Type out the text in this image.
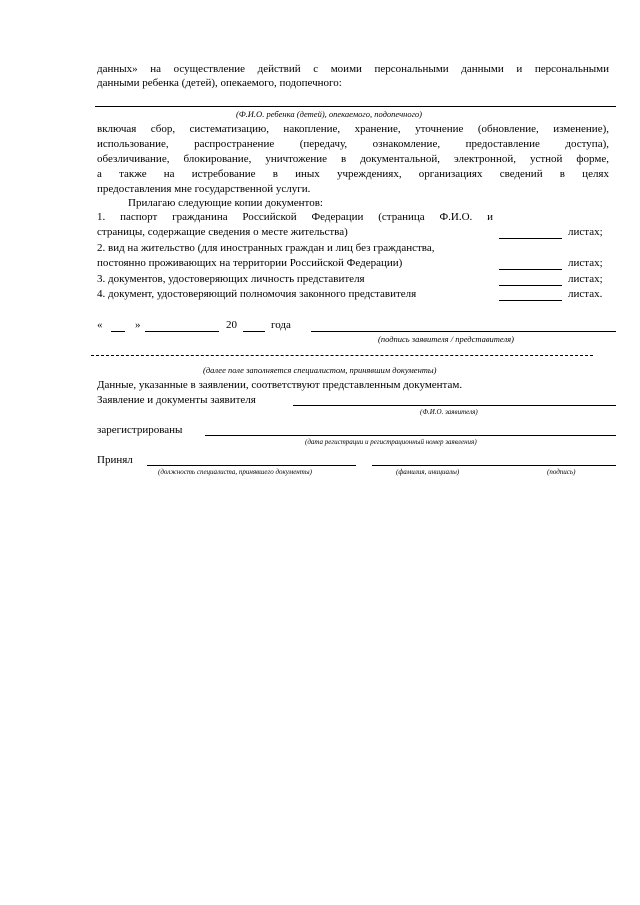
данных» на осуществление действий с моими персональными данными и персональными
данными ребенка (детей), опекаемого, подопечного:
(Ф.И.О. ребенка (детей), опекаемого, подопечного)
включая сбор, систематизацию, накопление, хранение, уточнение (обновление, изменение),
использование, распространение (передачу, ознакомление, предоставление доступа),
обезличивание, блокирование, уничтожение в документальной, электронной, устной форме,
а также на истребование в иных учреждениях, организациях сведений в целях
предоставления мне государственной услуги.
Прилагаю следующие копии документов:
1. паспорт гражданина Российской Федерации (страница Ф.И.О. и
страницы, содержащие сведения о месте жительства)	листах;
2. вид на жительство (для иностранных граждан и лиц без гражданства,
постоянно проживающих на территории Российской Федерации)	листах;
3. документов, удостоверяющих личность представителя	листах;
4. документ, удостоверяющий полномочия законного представителя	листах.
«	»	20	года
(подпись заявителя / представителя)
(далее поле заполняется специалистом, принявшим документы)
Данные, указанные в заявлении, соответствуют представленным документам.
Заявление и документы заявителя
(Ф.И.О. заявителя)
зарегистрированы
(дата регистрации и регистрационный номер заявления)
Принял
(должность специалиста, принявшего документы)	(фамилия, инициалы)	(подпись)
